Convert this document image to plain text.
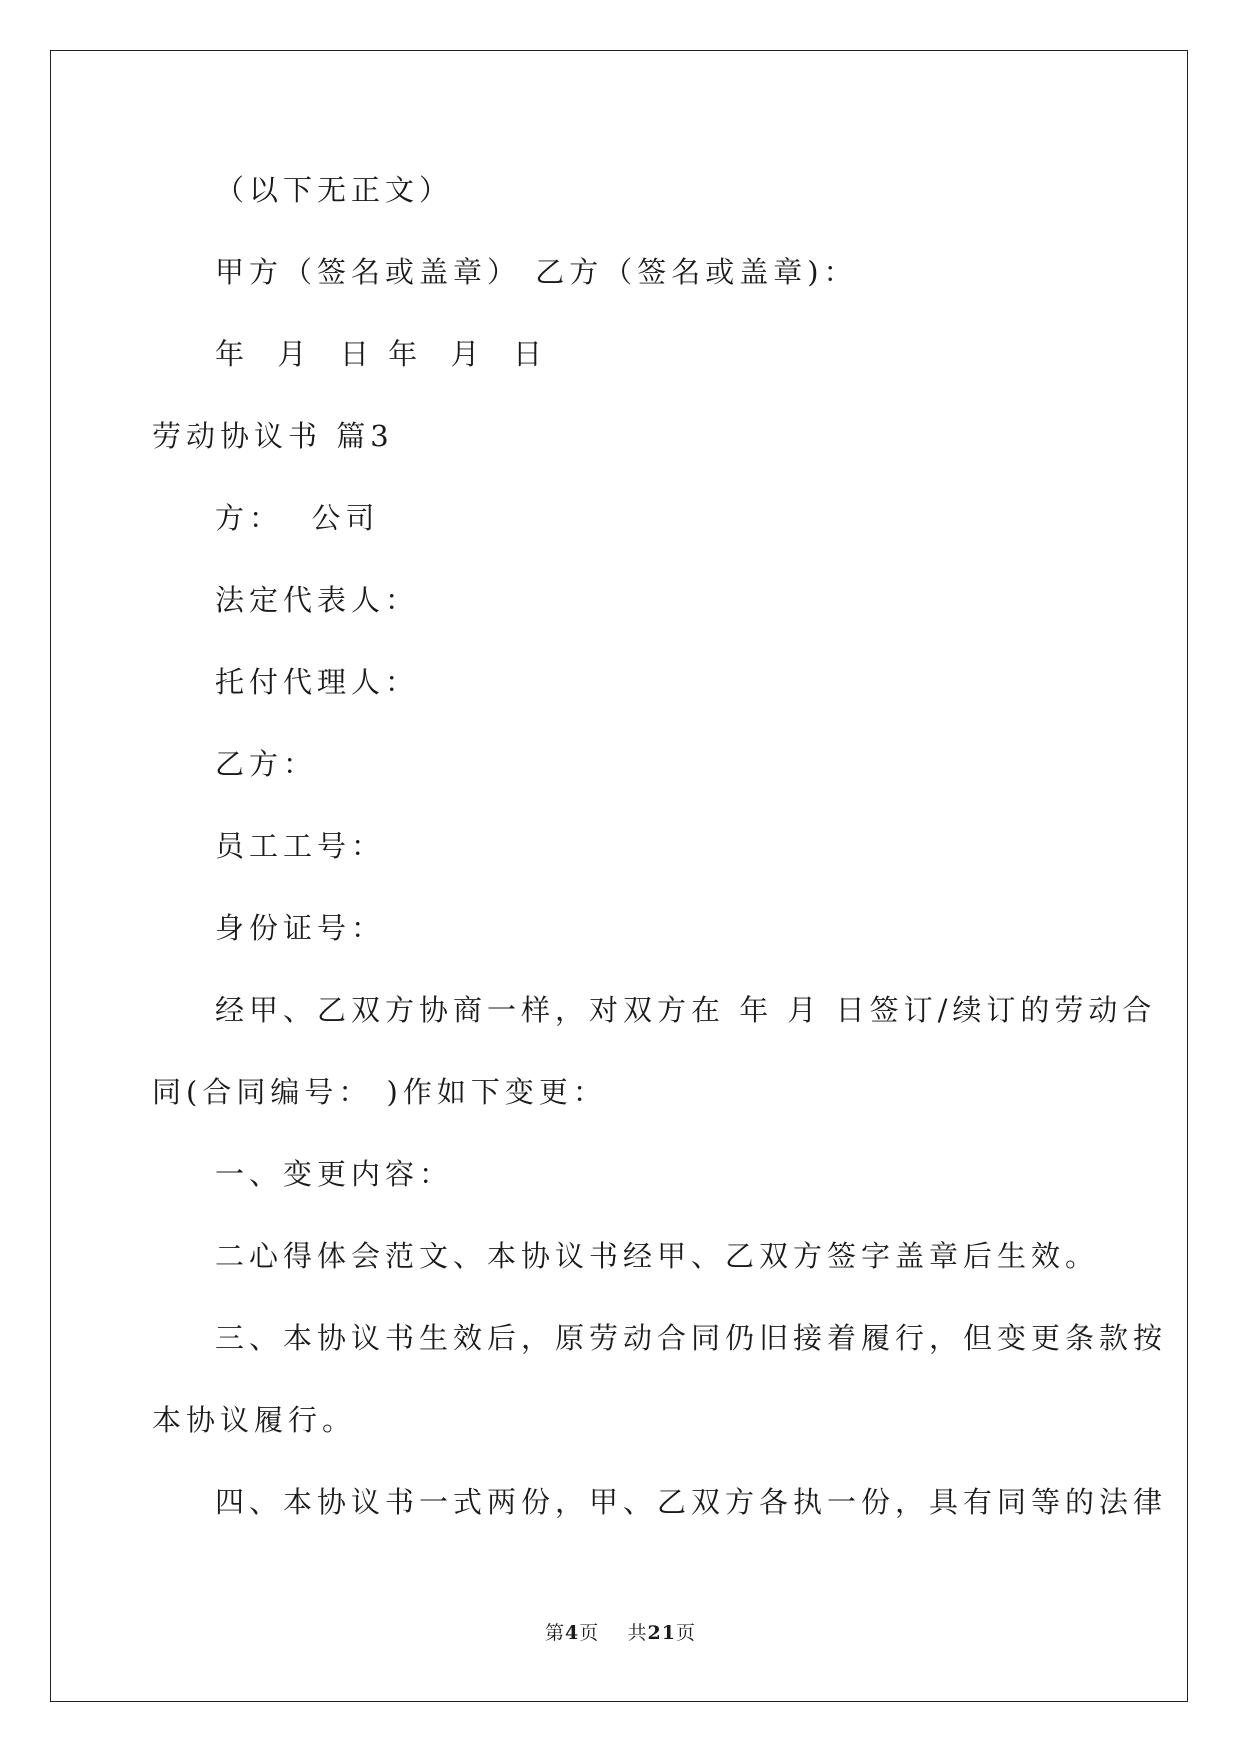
（以下无正文）
甲方（签名或盖章） 乙方（签名或盖章)：
年  月  日 年  月  日
劳动协议书 篇3
方：  公司
法定代表人：
托付代理人：
乙方：
员工工号：
身份证号：
经甲、乙双方协商一样，对双方在 年 月 日签订/续订的劳动合
同(合同编号： )作如下变更：
一、变更内容：
二心得体会范文、本协议书经甲、乙双方签字盖章后生效。
三、本协议书生效后，原劳动合同仍旧接着履行，但变更条款按
本协议履行。
四、本协议书一式两份，甲、乙双方各执一份，具有同等的法律
第4页 共21页
